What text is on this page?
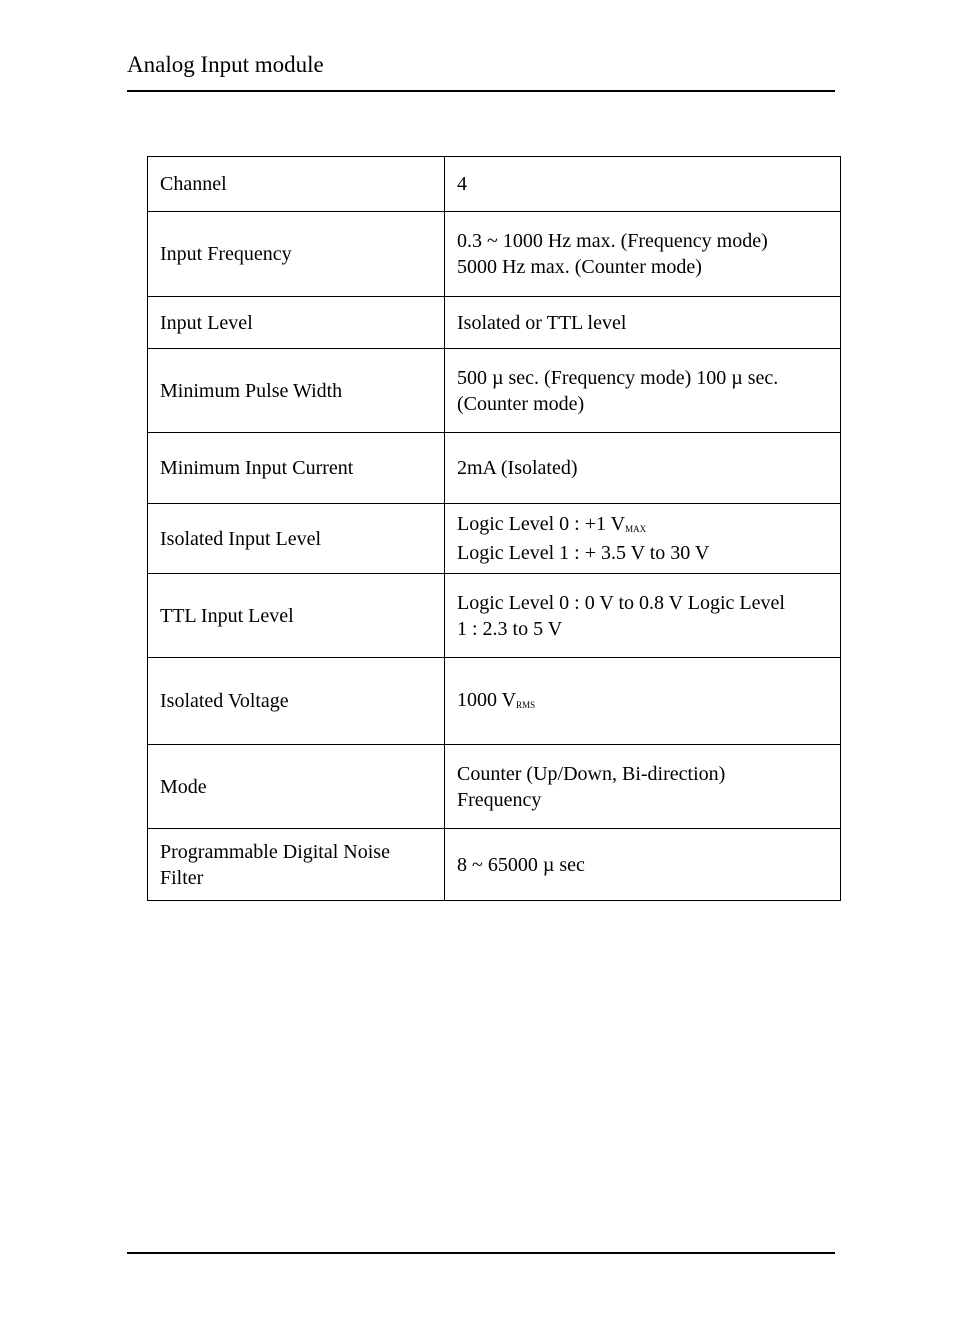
Analog Input module
Channel	4

Input Frequency	0.3 ~ 1000 Hz max. (Frequency mode)
5000 Hz max. (Counter mode)

Input Level	Isolated or TTL level

Minimum Pulse Width	500 µ sec. (Frequency mode) 100 µ sec.
(Counter mode)

Minimum Input Current	2mA (Isolated)

Isolated Input Level	Logic Level 0 : +1 VMAX
Logic Level 1 : + 3.5 V to 30 V

TTL Input Level	Logic Level 0 : 0 V to 0.8 V Logic Level
1 : 2.3 to 5 V

Isolated Voltage	1000 VRMS

Mode	Counter (Up/Down, Bi-direction)
Frequency

Programmable Digital Noise
Filter	8 ~ 65000 µ sec
